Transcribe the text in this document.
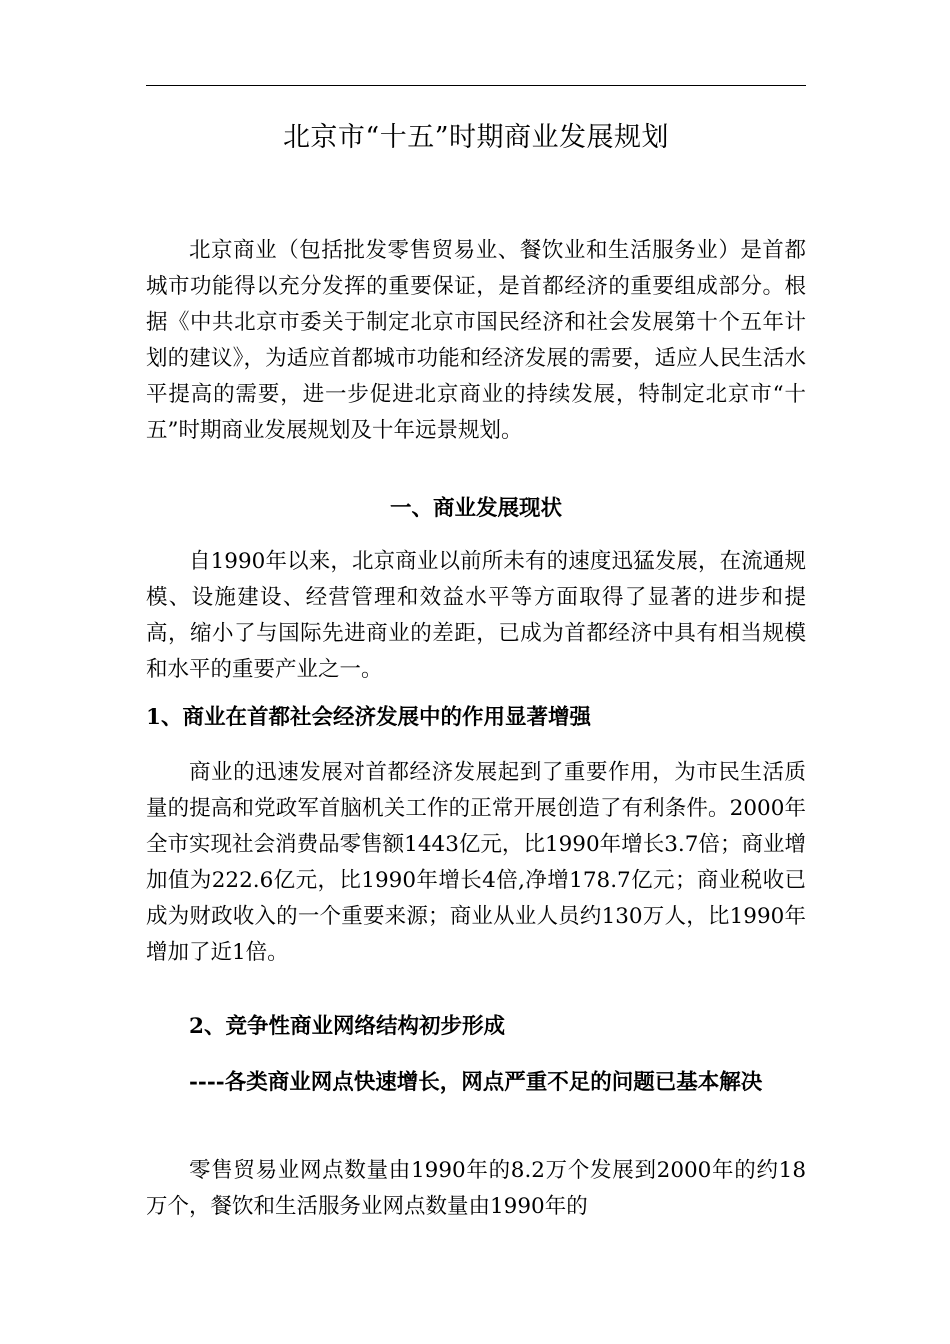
北京市“十五”时期商业发展规划

北京商业（包括批发零售贸易业、餐饮业和生活服务业）是首都城市功能得以充分发挥的重要保证，是首都经济的重要组成部分。根据《中共北京市委关于制定北京市国民经济和社会发展第十个五年计划的建议》，为适应首都城市功能和经济发展的需要，适应人民生活水平提高的需要，进一步促进北京商业的持续发展，特制定北京市“十五”时期商业发展规划及十年远景规划。

一、商业发展现状

自1990年以来，北京商业以前所未有的速度迅猛发展，在流通规模、设施建设、经营管理和效益水平等方面取得了显著的进步和提高，缩小了与国际先进商业的差距，已成为首都经济中具有相当规模和水平的重要产业之一。

1、商业在首都社会经济发展中的作用显著增强

商业的迅速发展对首都经济发展起到了重要作用，为市民生活质量的提高和党政军首脑机关工作的正常开展创造了有利条件。2000年全市实现社会消费品零售额1443亿元，比1990年增长3.7倍；商业增加值为222.6亿元，比1990年增长4倍,净增178.7亿元；商业税收已成为财政收入的一个重要来源；商业从业人员约130万人，比1990年增加了近1倍。

2、竞争性商业网络结构初步形成

----各类商业网点快速增长，网点严重不足的问题已基本解决

零售贸易业网点数量由1990年的8.2万个发展到2000年的约18万个，餐饮和生活服务业网点数量由1990年的
